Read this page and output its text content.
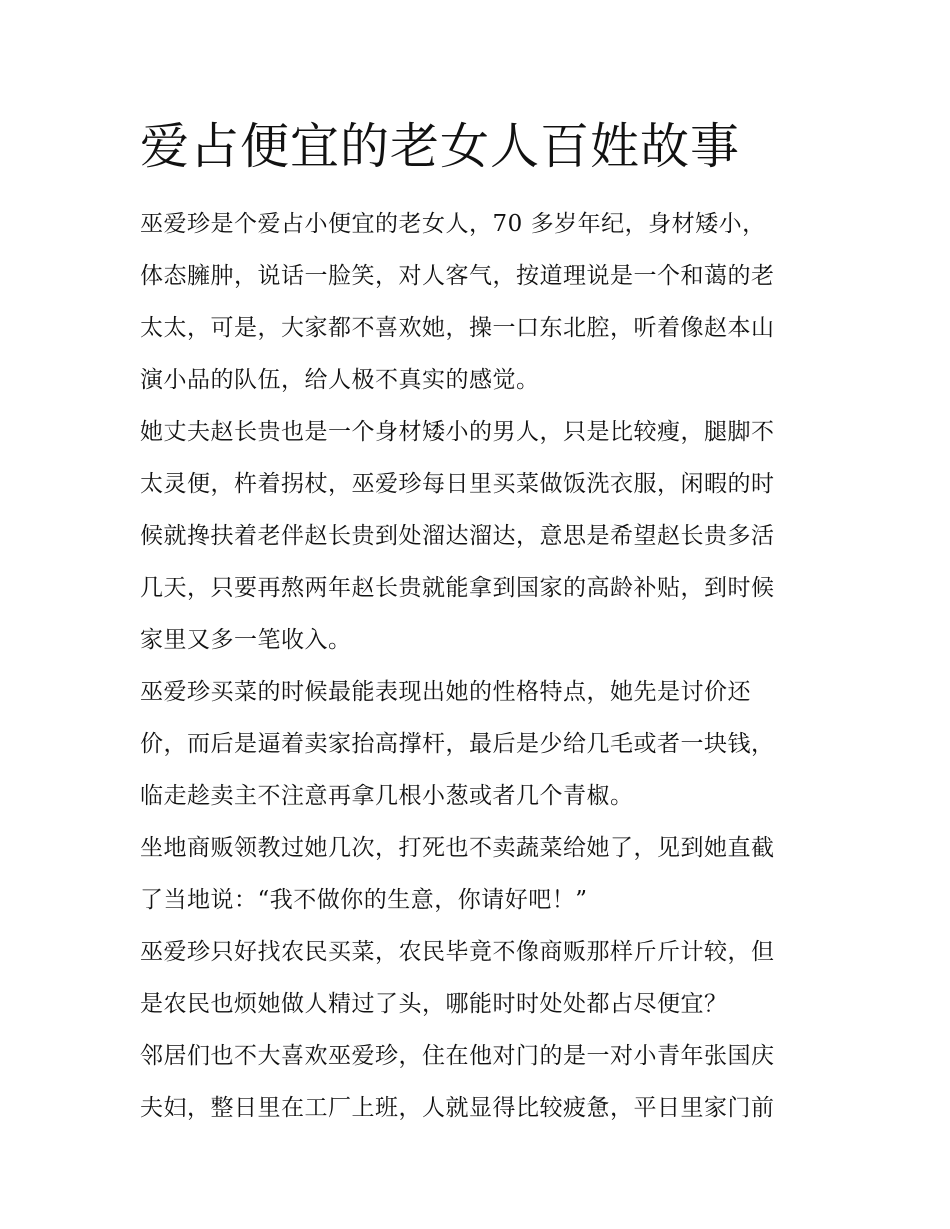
爱占便宜的老女人百姓故事
巫爱珍是个爱占小便宜的老女人，70 多岁年纪，身材矮小，
体态臃肿，说话一脸笑，对人客气，按道理说是一个和蔼的老
太太，可是，大家都不喜欢她，操一口东北腔，听着像赵本山
演小品的队伍，给人极不真实的感觉。
她丈夫赵长贵也是一个身材矮小的男人，只是比较瘦，腿脚不
太灵便，杵着拐杖，巫爱珍每日里买菜做饭洗衣服，闲暇的时
候就搀扶着老伴赵长贵到处溜达溜达，意思是希望赵长贵多活
几天，只要再熬两年赵长贵就能拿到国家的高龄补贴，到时候
家里又多一笔收入。
巫爱珍买菜的时候最能表现出她的性格特点，她先是讨价还
价，而后是逼着卖家抬高撑杆，最后是少给几毛或者一块钱，
临走趁卖主不注意再拿几根小葱或者几个青椒。
坐地商贩领教过她几次，打死也不卖蔬菜给她了，见到她直截
了当地说：“我不做你的生意，你请好吧！”
巫爱珍只好找农民买菜，农民毕竟不像商贩那样斤斤计较，但
是农民也烦她做人精过了头，哪能时时处处都占尽便宜？
邻居们也不大喜欢巫爱珍，住在他对门的是一对小青年张国庆
夫妇，整日里在工厂上班，人就显得比较疲惫，平日里家门前
